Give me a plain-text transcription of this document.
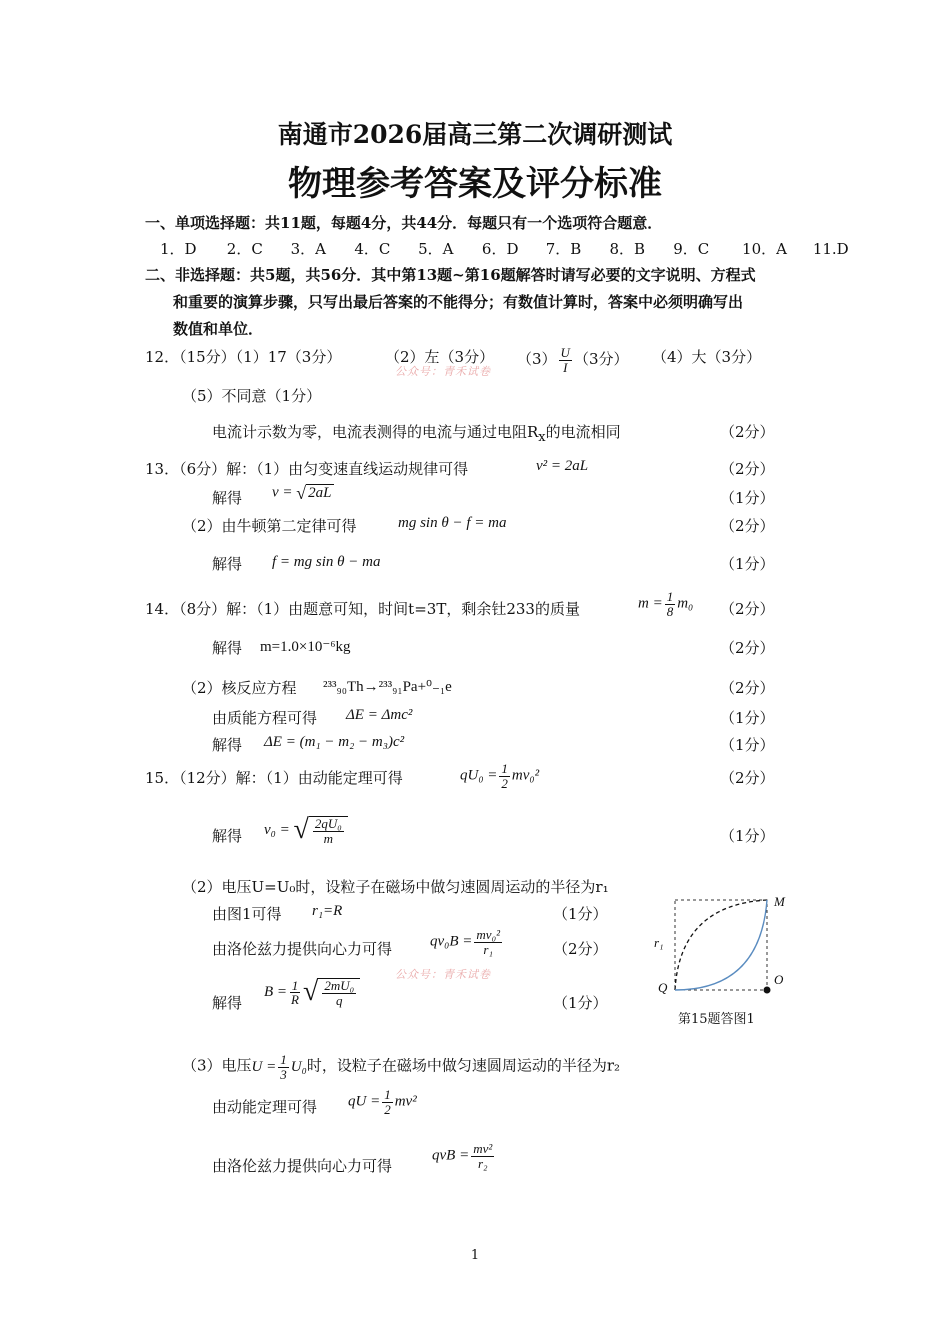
南通市2026届高三第二次调研测试
物理参考答案及评分标准
一、单项选择题：共11题，每题4分，共44分．每题只有一个选项符合题意．
1．D 2．C 3．A 4．C 5．A 6．D 7．B 8．B 9．C 10．A 11.D
二、非选择题：共5题，共56分．其中第13题~第16题解答时请写必要的文字说明、方程式
和重要的演算步骤，只写出最后答案的不能得分；有数值计算时，答案中必须明确写出
数值和单位．
12．（15分）（1）17（3分）	（2）左（3分） $(3) \frac{U}{I} (3$分） （4）大（3分）
公众号：青禾试卷
（5）不同意（1分）
电流计示数为零，电流表测得的电流与通过电阻$R_x$的电流相同	（2分）
13．（6分）解：（1）由匀变速直线运动规律可得	v² = 2aL	（2分）
解得 v = √ 2aL	（1分）
（2）由牛顿第二定律可得	mg sin θ − f = ma	（2分）
解得 f = mg sin θ − ma	（1分）
14．（8分）解：（1）由题意可知，时间t=3T，剩余钍233的质量	$m = \frac{1}{8} m_0$ （2分）
解得 m=1.0×10⁻⁶kg	（2分）
（2）核反应方程 ²³³₉₀Th→²³³₉₁Pa+⁰₋₁e	（2分）
由质能方程可得 ΔE = Δmc²	（1分）
解得 ΔE = (m₁ − m₂ − m₃)c²	（1分）
15．（12分）解：（1）由动能定理可得	$qU_0 = \frac{1}{2} mv_0^2$	（2分）
解得 v₀ = √ $\frac{\text{2qU₀}}{m}$	（1分）
（2）电压U=U₀时，设粒子在磁场中做匀速圆周运动的半径为r₁
由图1可得 r₁=R	（1分）
由洛伦兹力提供向心力可得	$qv_0B = \frac{\text{mv₀²}}{\text{r₁}}$	（2分）
公众号：青禾试卷
解得
$B = \frac{1}{R}$ √ $\frac{\text{2mU₀}}{q}$	（1分）
M
O
Q
r₁
第15题答图1
（3）电压$U = \frac{1}{3} U_0$时，设粒子在磁场中做匀速圆周运动的半径为r₂
由动能定理可得 qU = $\frac{1}{2} mv^2$
由洛伦兹力提供向心力可得
qvB = $\frac{\text{mv²}}{\text{r₂}}$
1
